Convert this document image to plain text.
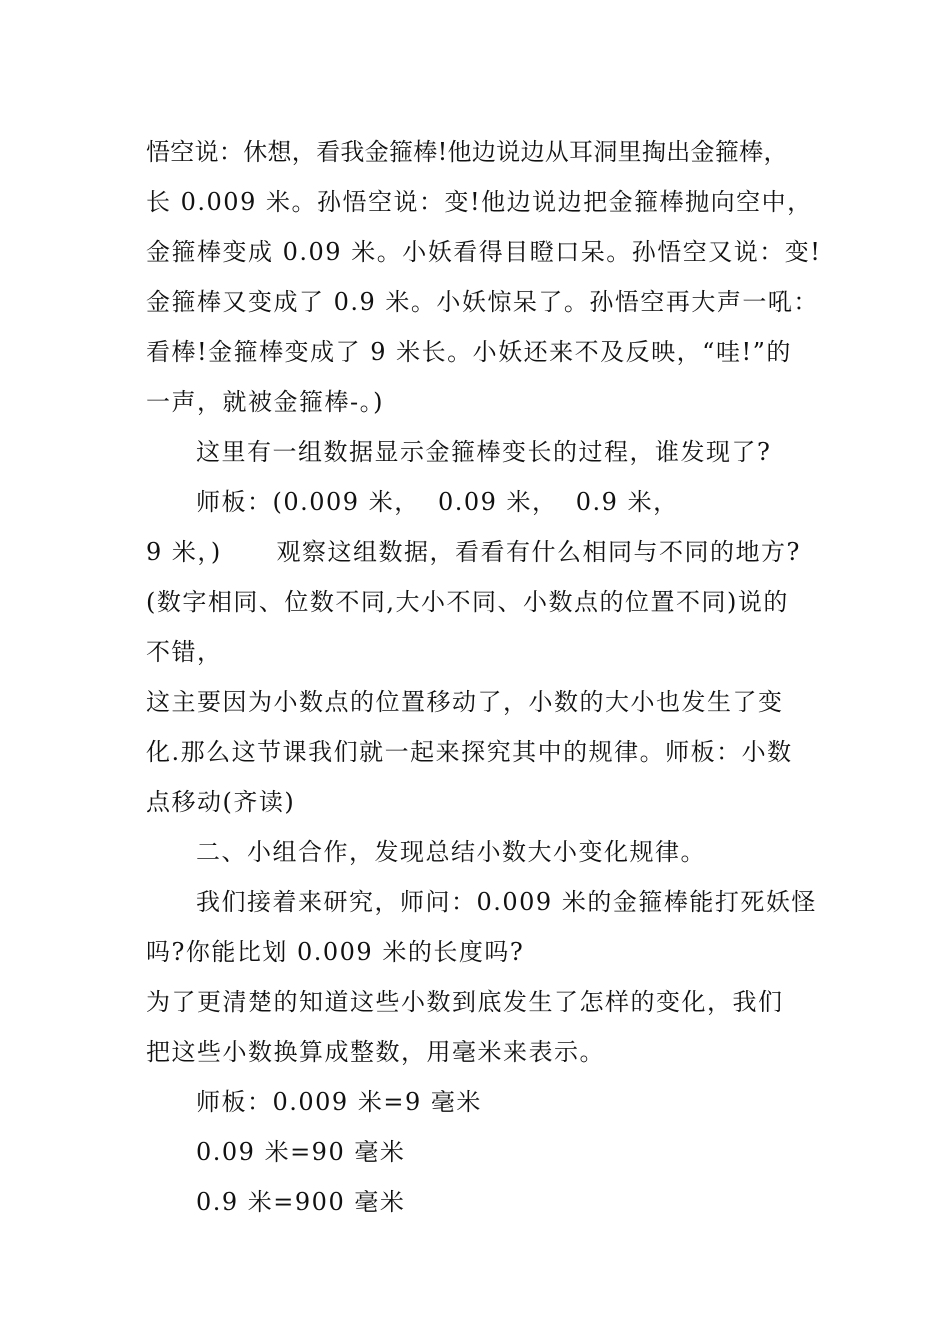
悟空说：休想，看我金箍棒!他边说边从耳洞里掏出金箍棒，
长 0.009 米。孙悟空说：变!他边说边把金箍棒抛向空中，
金箍棒变成 0.09 米。小妖看得目瞪口呆。孙悟空又说：变!
金箍棒又变成了 0.9 米。小妖惊呆了。孙悟空再大声一吼：
看棒!金箍棒变成了 9 米长。小妖还来不及反映，“哇!”的
一声，就被金箍棒-。)
这里有一组数据显示金箍棒变长的过程，谁发现了?
师板：(0.009 米，  0.09 米，  0.9 米，
9 米，)      观察这组数据，看看有什么相同与不同的地方?
(数字相同、位数不同,大小不同、小数点的位置不同)说的
不错，
这主要因为小数点的位置移动了，小数的大小也发生了变
化.那么这节课我们就一起来探究其中的规律。师板：小数
点移动(齐读)
二、小组合作，发现总结小数大小变化规律。
我们接着来研究，师问：0.009 米的金箍棒能打死妖怪
吗?你能比划 0.009 米的长度吗?
为了更清楚的知道这些小数到底发生了怎样的变化，我们
把这些小数换算成整数，用毫米来表示。
师板：0.009 米=9 毫米
0.09 米=90 毫米
0.9 米=900 毫米
